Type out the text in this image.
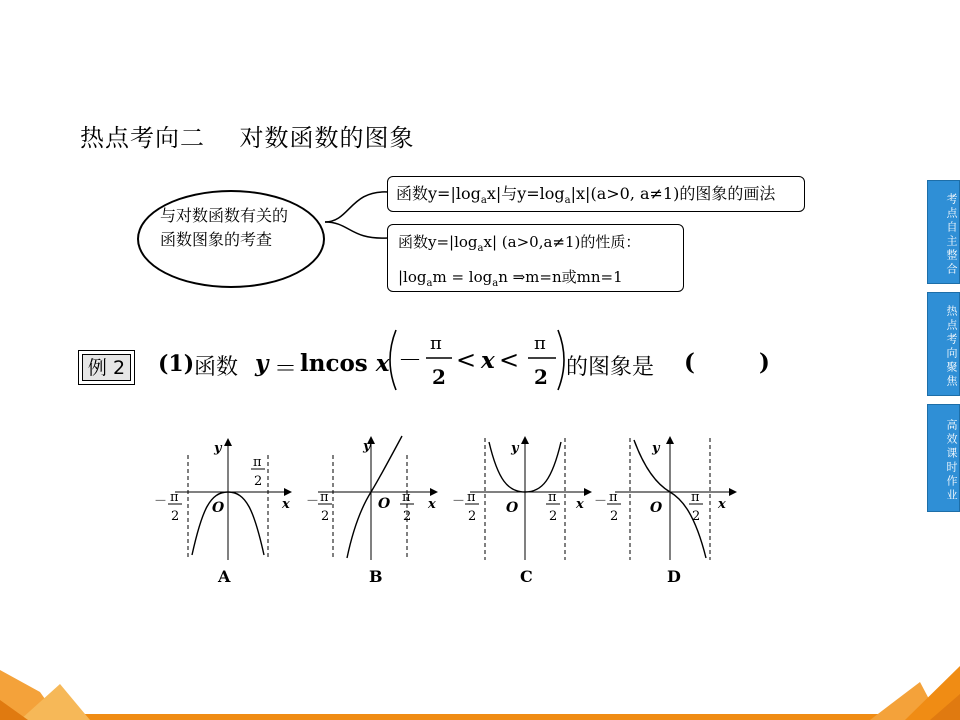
热点考向二    对数函数的图象
与对数函数有关的
函数图象的考查
函数$y=|\log_ax|$与$y=\log_a|x|(a>0$, a≠1)的图象的画法
函数$y=|\log_ax|$ (a>0,a≠1)的性质：
$|\log_am = \log_an$ ⇒m=n或mn=1
例 2 (1) 函数 y ＝ lncos x －
π
2
< x <
π
2 的图象是 (        )
y
x
O
y
x
O
y
x
O
y
x
O
－ π
2
π
2
－ π
2
π
2
－ π
2
π
2
－ π
2
π
2
A	B	C	D
考点自主整合
热点考向聚焦
高效课时作业
